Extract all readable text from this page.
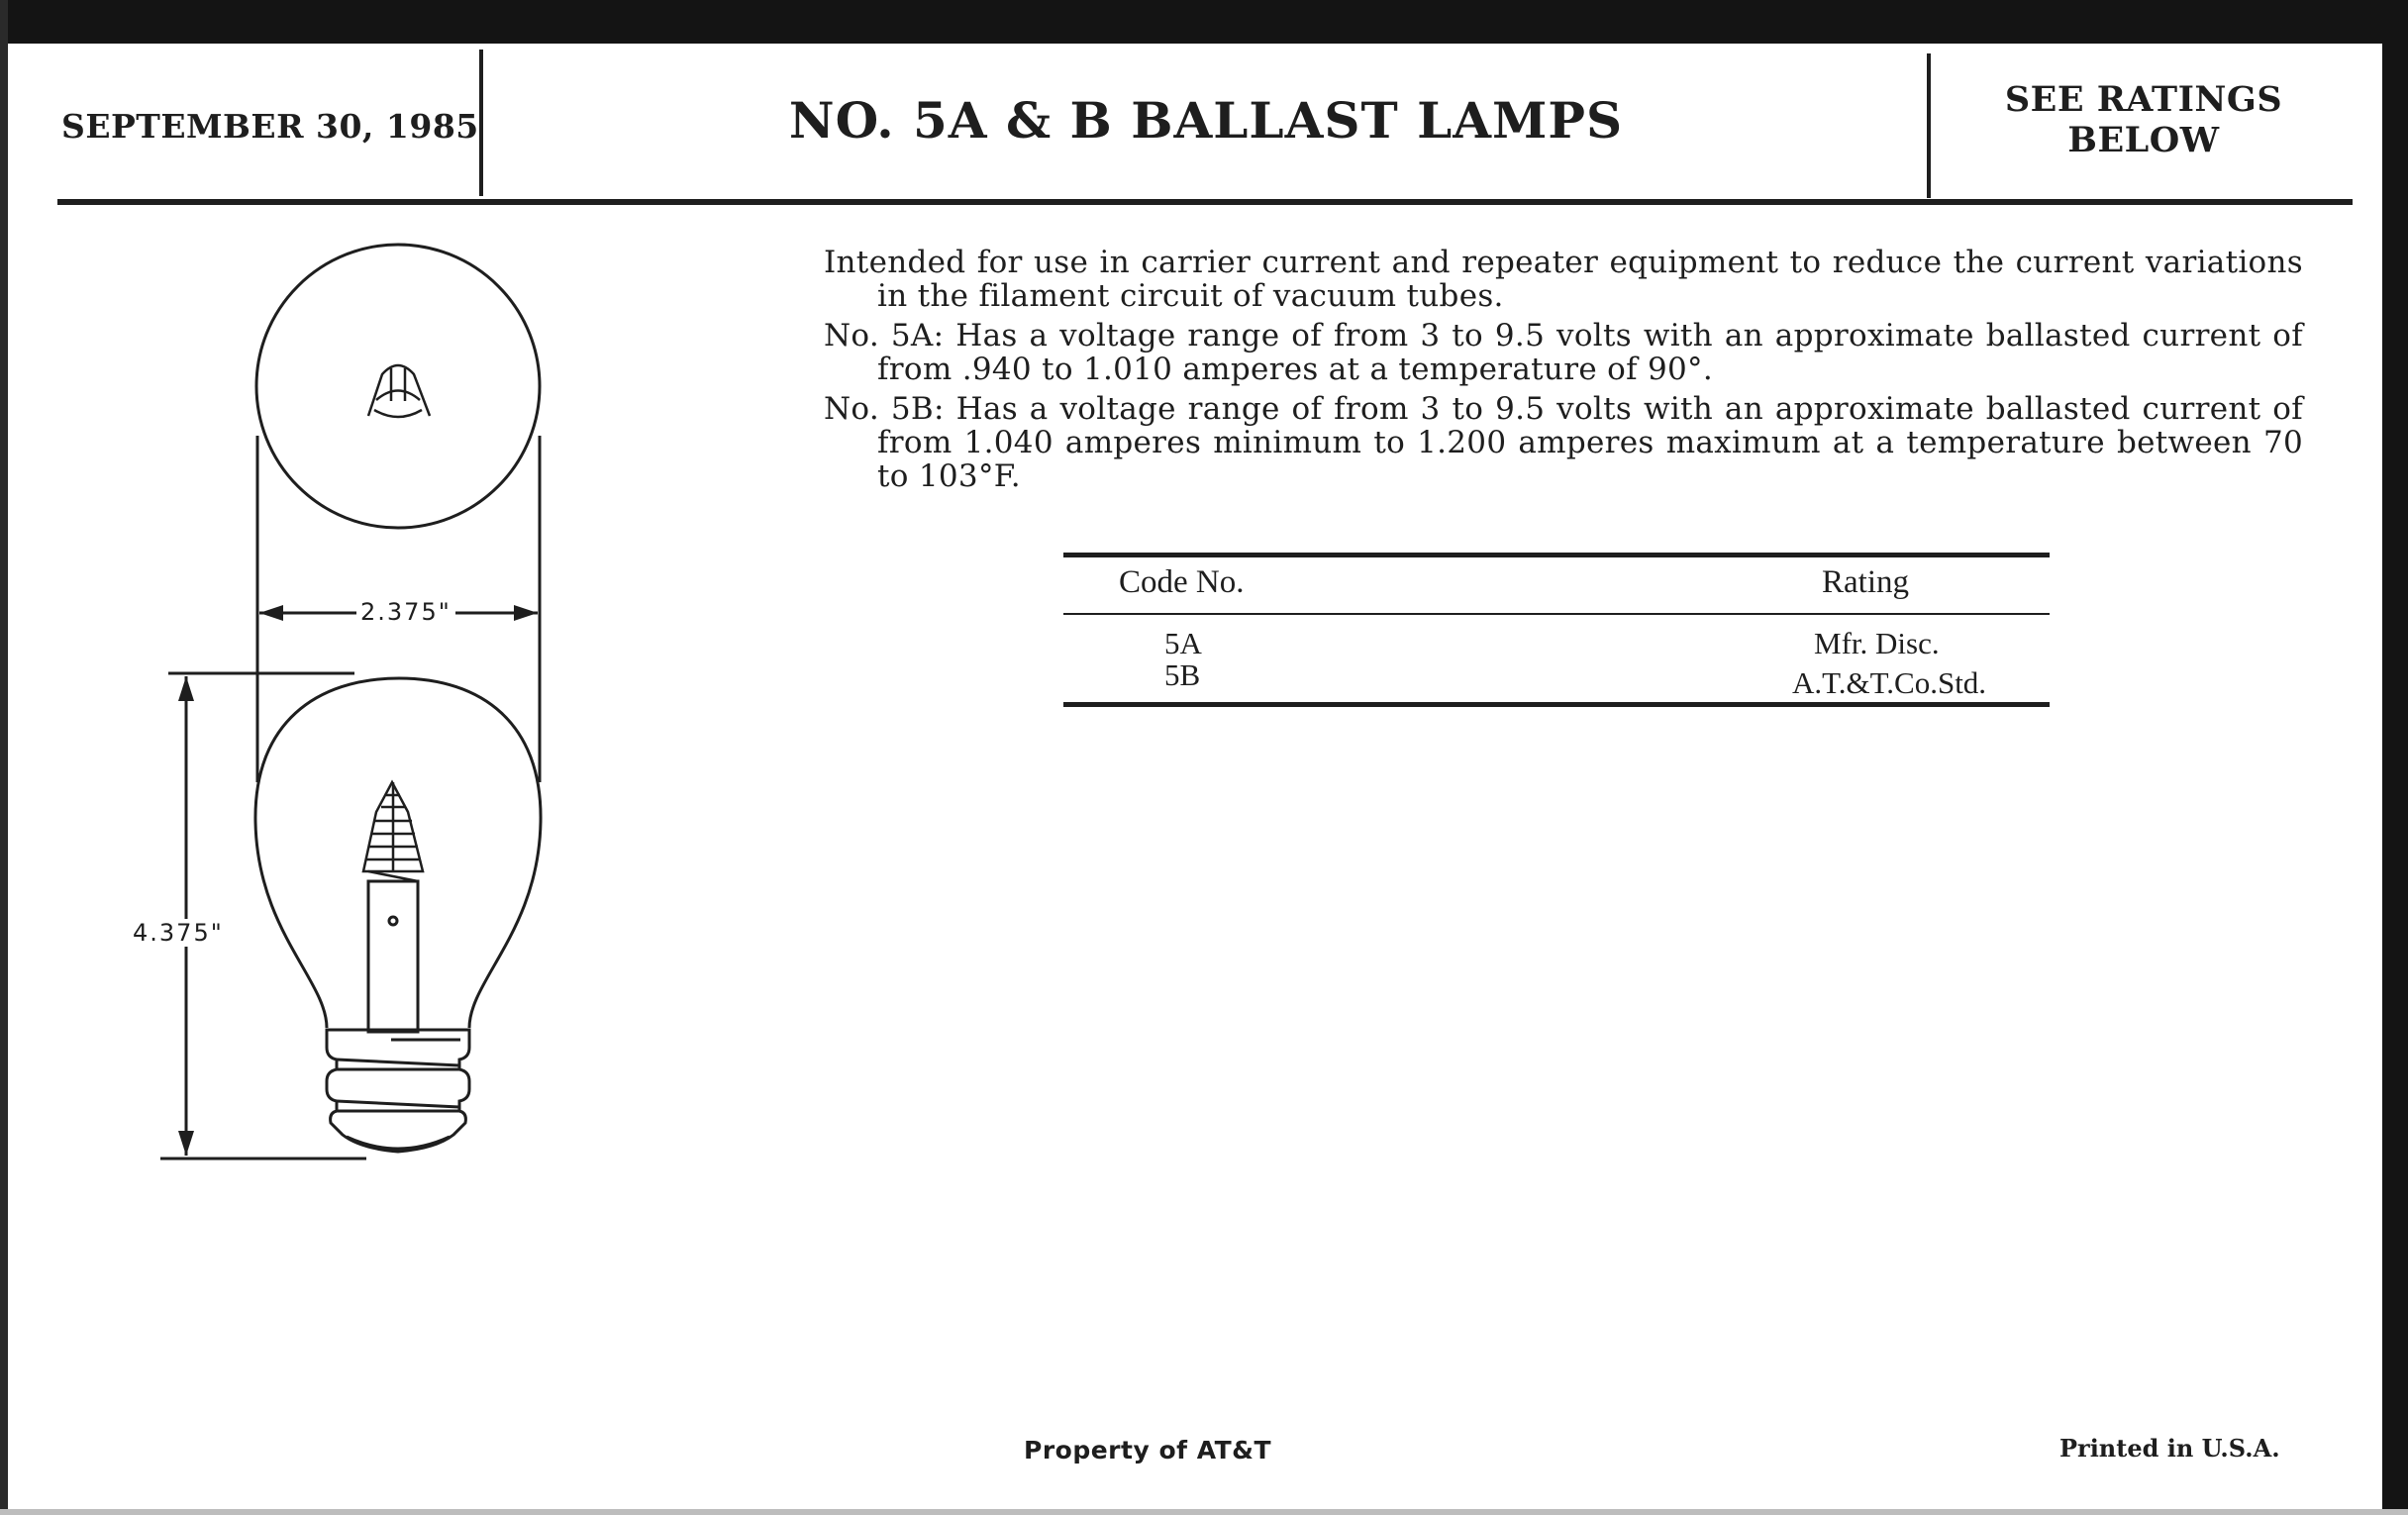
SEPTEMBER 30, 1985	NO. 5A & B BALLAST LAMPS	SEE RATINGS BELOW
2.375"
4.375"

Intended for use in carrier current and repeater equipment to reduce the current variations in the filament circuit of vacuum tubes.

No. 5A: Has a voltage range of from 3 to 9.5 volts with an approximate ballasted current of from .940 to 1.010 amperes at a temperature of 90°.

No. 5B: Has a voltage range of from 3 to 9.5 volts with an approximate ballasted current of from 1.040 amperes minimum to 1.200 amperes maximum at a temperature between 70 to 103°F.

Code No.	Rating
5A	Mfr. Disc.
5B	A.T.&T.Co.Std.
Property of AT&T	Printed in U.S.A.
